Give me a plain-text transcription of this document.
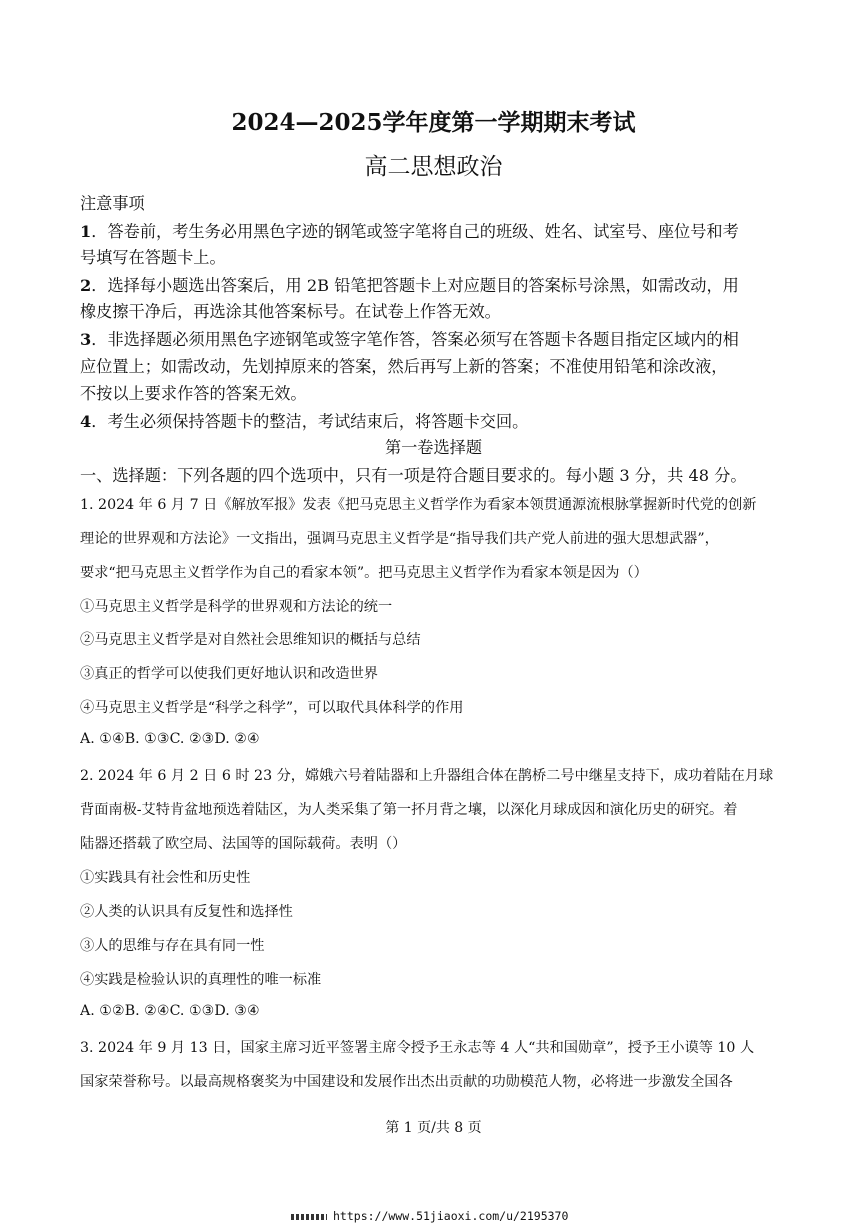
2024—2025学年度第一学期期末考试
高二思想政治
注意事项
1．答卷前，考生务必用黑色字迹的钢笔或签字笔将自己的班级、姓名、试室号、座位号和考
号填写在答题卡上。
2．选择每小题选出答案后，用 2B 铅笔把答题卡上对应题目的答案标号涂黑，如需改动，用
橡皮擦干净后，再选涂其他答案标号。在试卷上作答无效。
3．非选择题必须用黑色字迹钢笔或签字笔作答，答案必须写在答题卡各题目指定区域内的相
应位置上；如需改动，先划掉原来的答案，然后再写上新的答案；不准使用铅笔和涂改液，
不按以上要求作答的答案无效。
4．考生必须保持答题卡的整洁，考试结束后，将答题卡交回。
第一卷选择题
一、选择题：下列各题的四个选项中，只有一项是符合题目要求的。每小题 3 分，共 48 分。
1. 2024 年 6 月 7 日《解放军报》发表《把马克思主义哲学作为看家本领贯通源流根脉掌握新时代党的创新
理论的世界观和方法论》一文指出，强调马克思主义哲学是“指导我们共产党人前进的强大思想武器”，
要求“把马克思主义哲学作为自己的看家本领”。把马克思主义哲学作为看家本领是因为（）
①马克思主义哲学是科学的世界观和方法论的统一
②马克思主义哲学是对自然社会思维知识的概括与总结
③真正的哲学可以使我们更好地认识和改造世界
④马克思主义哲学是“科学之科学”，可以取代具体科学的作用
A. ①④B. ①③C. ②③D. ②④
2. 2024 年 6 月 2 日 6 时 23 分，嫦娥六号着陆器和上升器组合体在鹊桥二号中继星支持下，成功着陆在月球
背面南极-艾特肯盆地预选着陆区，为人类采集了第一抔月背之壤，以深化月球成因和演化历史的研究。着
陆器还搭载了欧空局、法国等的国际载荷。表明（）
①实践具有社会性和历史性
②人类的认识具有反复性和选择性
③人的思维与存在具有同一性
④实践是检验认识的真理性的唯一标准
A. ①②B. ②④C. ①③D. ③④
3. 2024 年 9 月 13 日，国家主席习近平签署主席令授予王永志等 4 人“共和国勋章”，授予王小谟等 10 人
国家荣誉称号。以最高规格褒奖为中国建设和发展作出杰出贡献的功勋模范人物，必将进一步激发全国各
第 1 页/共 8 页
https://www.51jiaoxi.com/u/2195370
